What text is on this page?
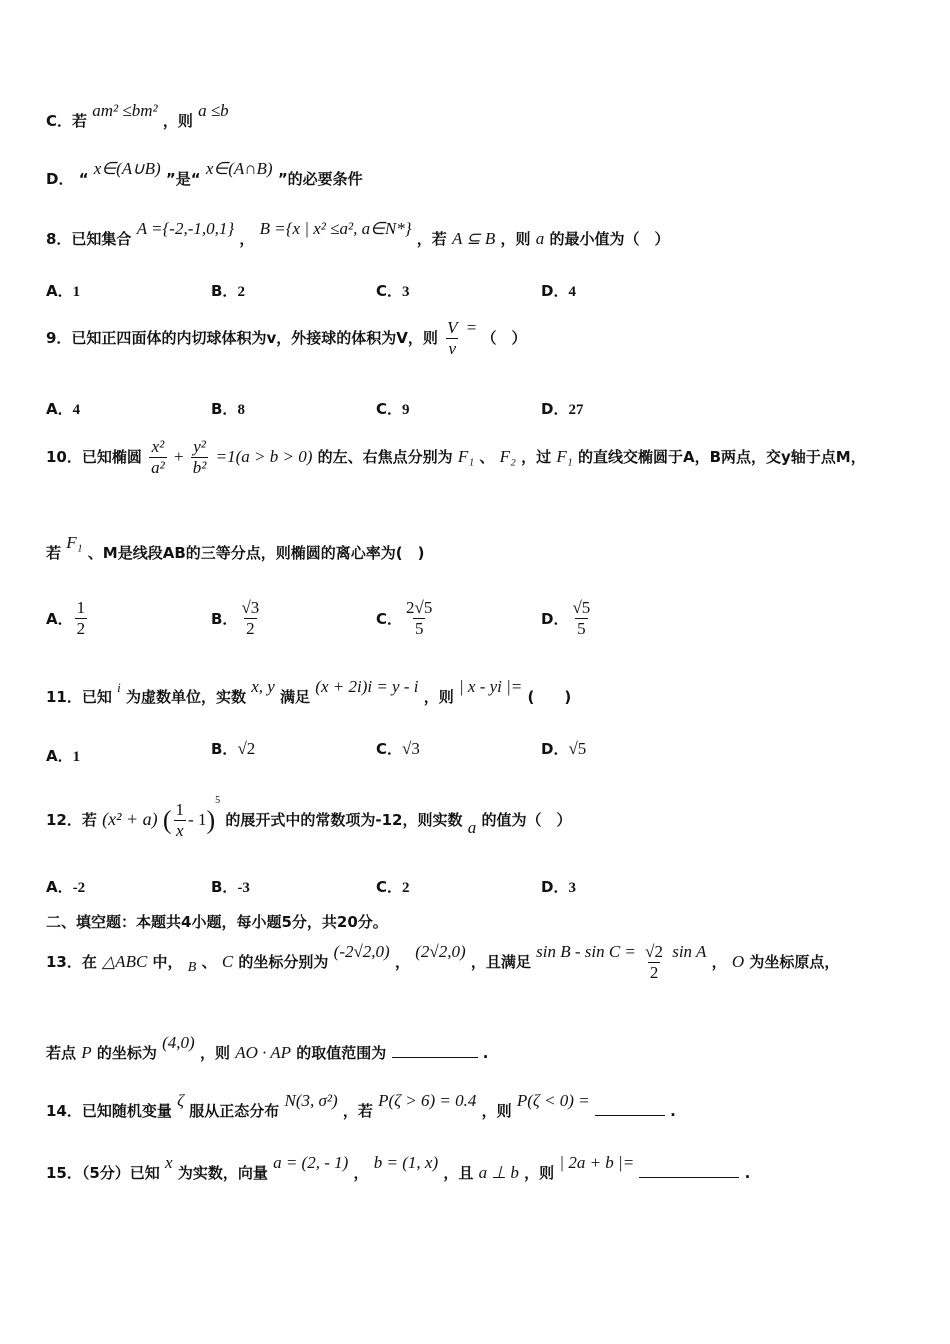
C．若 am² ≤bm² ，则 a ≤b
D． “ x∈(A∪B) ”是“ x∈(A∩B) ”的必要条件
8．已知集合 A ={-2,-1,0,1} ， B ={x | x² ≤a², a∈N*} ，若 A ⊆ B ，则 a 的最小值为（　）
A．1	B．2	C．3	D．4
9．已知正四面体的内切球体积为v，外接球的体积为V，则 $\frac{V}{v}$ = （　）
A．4	B．8	C．9	D．27
10．已知椭圆 $\frac{\text{x²}}{\text{a²}} + \frac{\text{y²}}{\text{b²}} =1(a > b > 0)$ 的左、右焦点分别为 F₁ 、 F₂ ，过 F₁ 的直线交椭圆于A，B两点，交y轴于点M，
若 F₁ 、M是线段AB的三等分点，则椭圆的离心率为(　)
A． $\frac{1}{2}$	B． $\frac{√3}{2}$	C． $\frac{2√5}{5}$	D． $\frac{√5}{5}$
11．已知 i 为虚数单位，实数 x, y 满足 (x + 2i)i = y - i ，则 | x - yi |= (　　)
A．1	B．√2	C．√3	D．√5
12．若 (x² + a) ( $\frac{1}{x} - 1)^5$ 的展开式中的常数项为-12，则实数 a 的值为（　）
A．-2	B．-3	C．2	D．3
二、填空题：本题共4小题，每小题5分，共20分。
13．在 △ABC 中， B 、 C 的坐标分别为 (-2√2,0) ， (2√2,0) ，且满足 $\sin B - \sin C = \frac{√2}{2}$ sin A ， O 为坐标原点，
若点 P 的坐标为 (4,0) ，则 AO · AP 的取值范围为	.
14．已知随机变量 ζ 服从正态分布 N(3, σ²) ，若 P(ζ > 6) = 0.4 ，则 P(ζ < 0) =  .
15．（5分）已知 x 为实数，向量 a = (2, - 1) ， b = (1, x) ，且 a ⊥ b ，则 | 2a + b |=  .
